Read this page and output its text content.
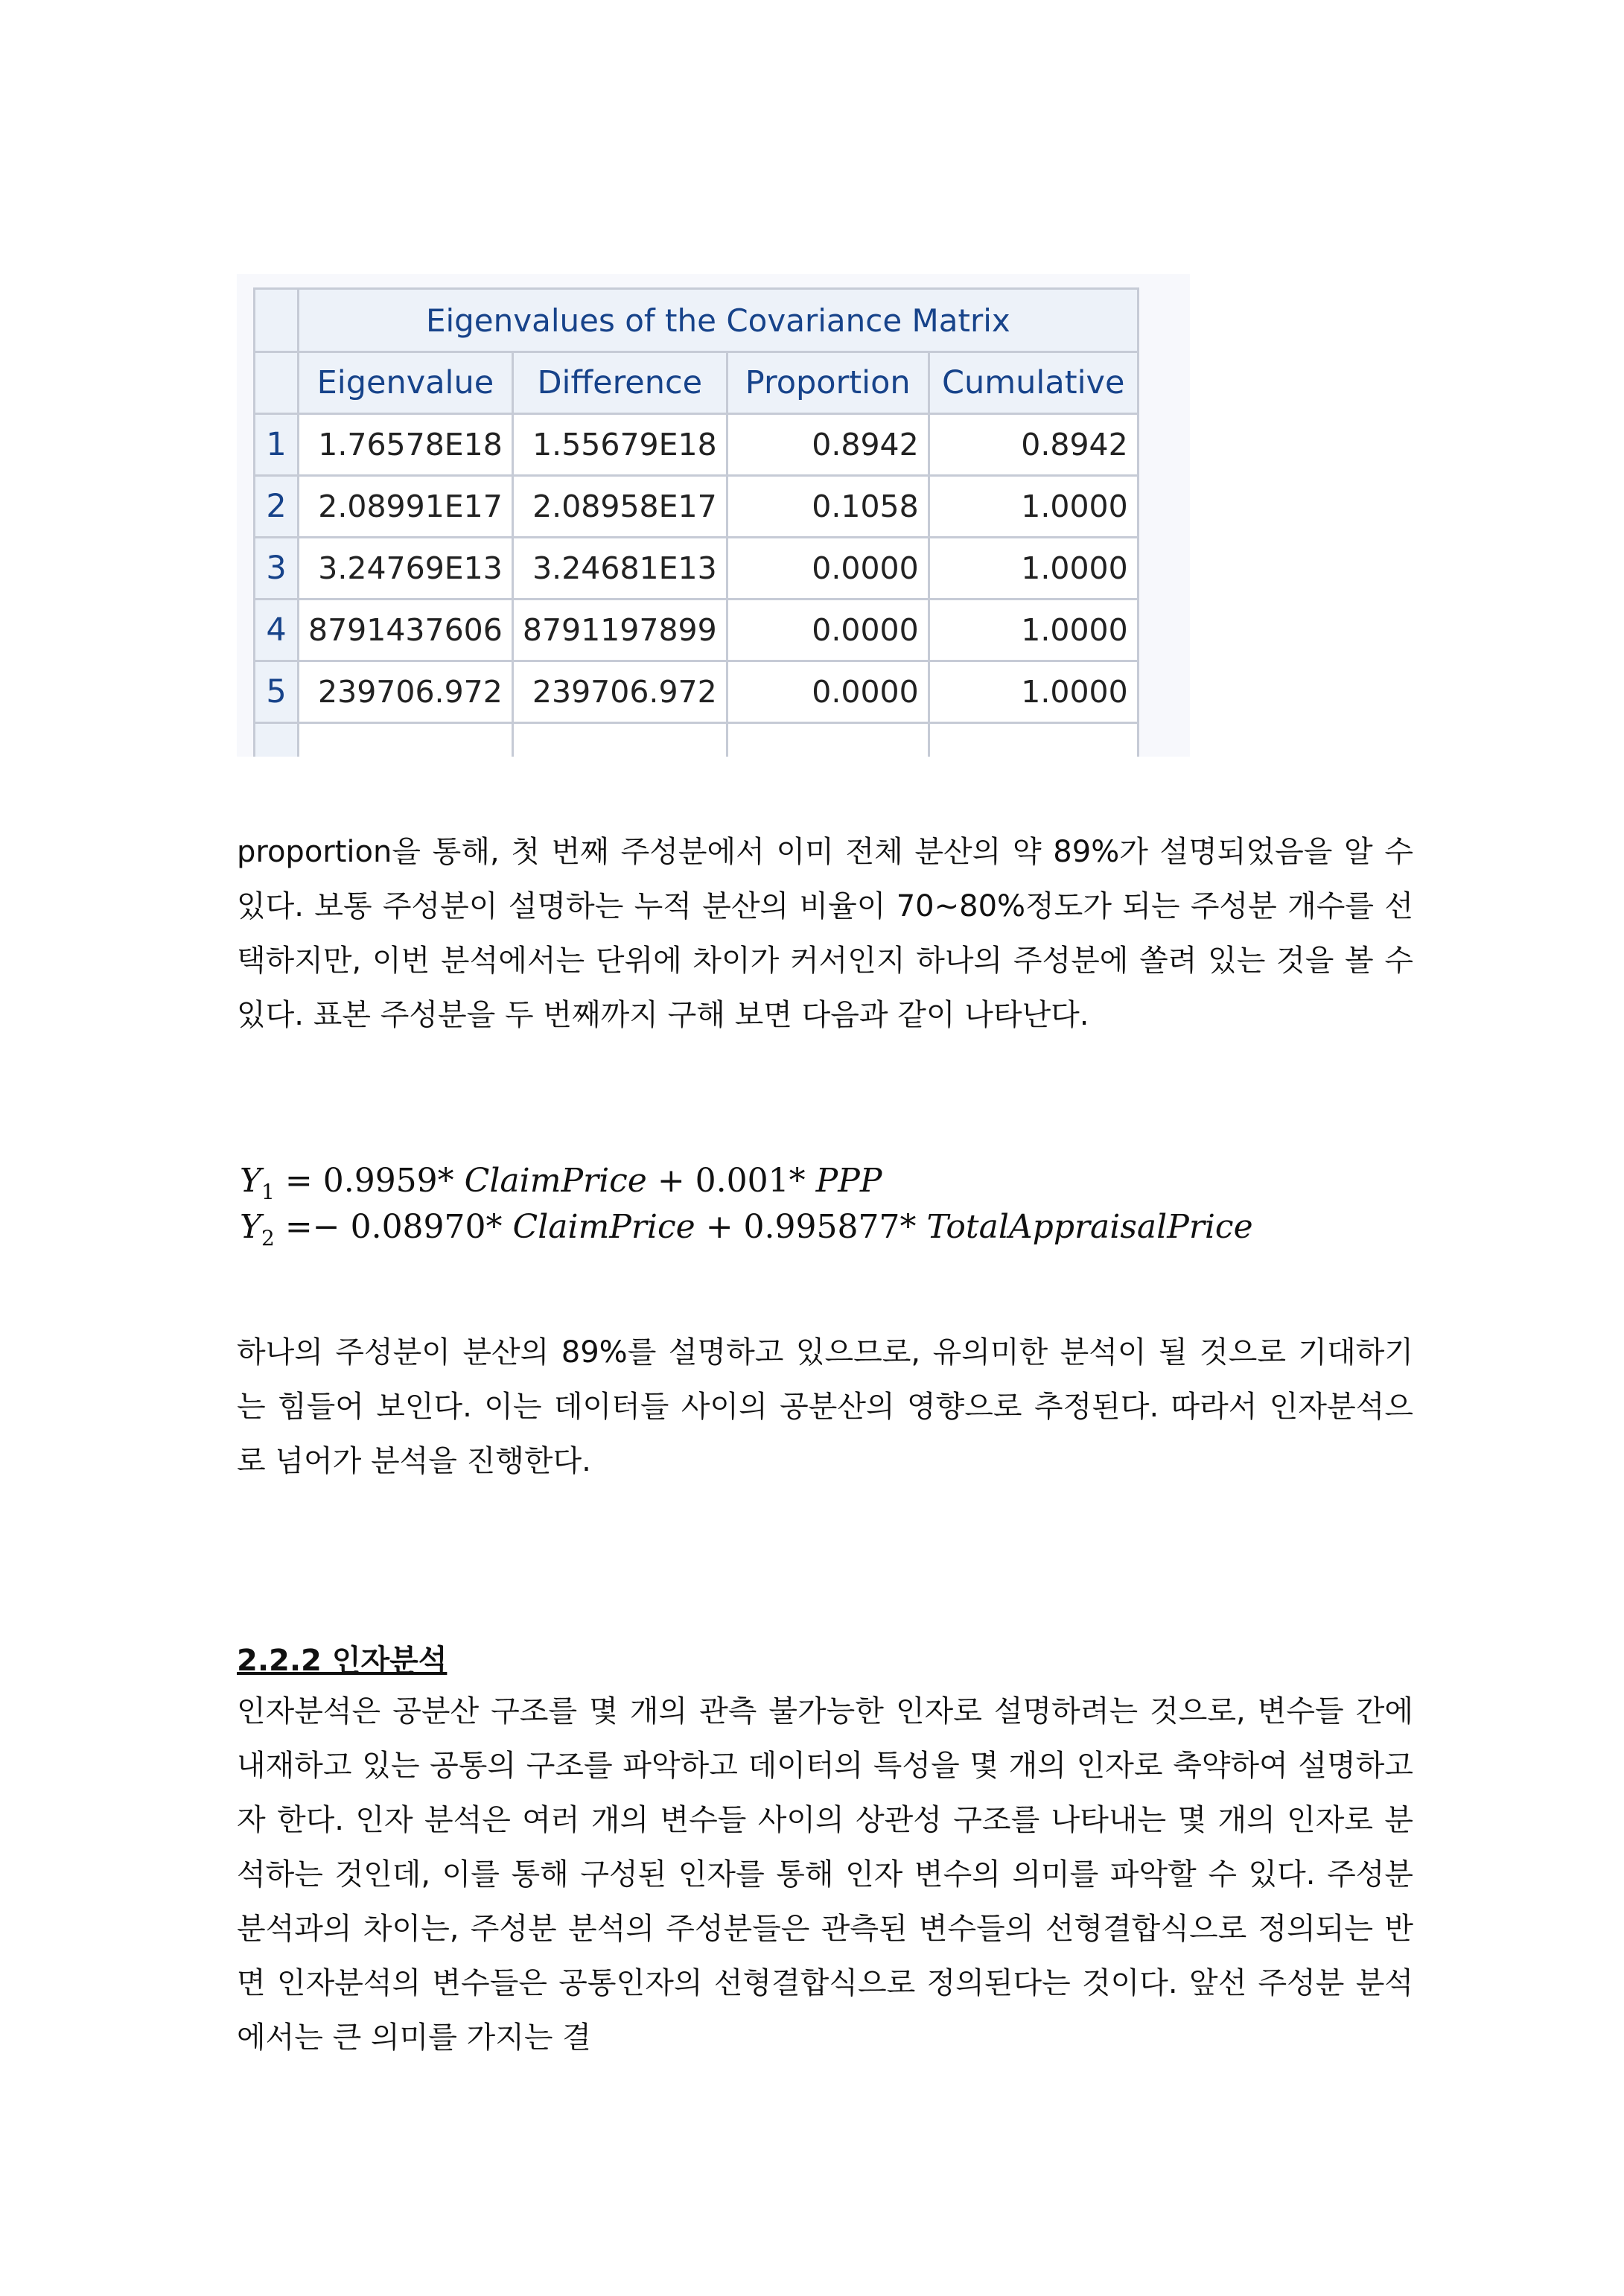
	Eigenvalues of the Covariance Matrix			
	Eigenvalue	Difference	Proportion	Cumulative
1	1.76578E18	1.55679E18	0.8942	0.8942
2	2.08991E17	2.08958E17	0.1058	1.0000
3	3.24769E13	3.24681E13	0.0000	1.0000
4	8791437606	8791197899	0.0000	1.0000
5	239706.972	239706.972	0.0000	1.0000

proportion을 통해, 첫 번째 주성분에서 이미 전체 분산의 약 89%가 설명되었음을 알 수 있다. 보통 주성분이 설명하는 누적 분산의 비율이 70~80%정도가 되는 주성분 개수를 선택하지만, 이번 분석에서는 단위에 차이가 커서인지 하나의 주성분에 쏠려 있는 것을 볼 수 있다. 표본 주성분을 두 번째까지 구해 보면 다음과 같이 나타난다.

$Y_1 = 0.9959*$ ClaimPrice + 0.001* PPP
$Y_2 =- 0.08970*$ ClaimPrice + 0.995877* TotalAppraisalPrice

하나의 주성분이 분산의 89%를 설명하고 있으므로, 유의미한 분석이 될 것으로 기대하기는 힘들어 보인다. 이는 데이터들 사이의 공분산의 영향으로 추정된다. 따라서 인자분석으로 넘어가 분석을 진행한다.

2.2.2 인자분석

인자분석은 공분산 구조를 몇 개의 관측 불가능한 인자로 설명하려는 것으로, 변수들 간에 내재하고 있는 공통의 구조를 파악하고 데이터의 특성을 몇 개의 인자로 축약하여 설명하고자 한다. 인자 분석은 여러 개의 변수들 사이의 상관성 구조를 나타내는 몇 개의 인자로 분석하는 것인데, 이를 통해 구성된 인자를 통해 인자 변수의 의미를 파악할 수 있다. 주성분 분석과의 차이는, 주성분 분석의 주성분들은 관측된 변수들의 선형결합식으로 정의되는 반면 인자분석의 변수들은 공통인자의 선형결합식으로 정의된다는 것이다. 앞선 주성분 분석에서는 큰 의미를 가지는 결
